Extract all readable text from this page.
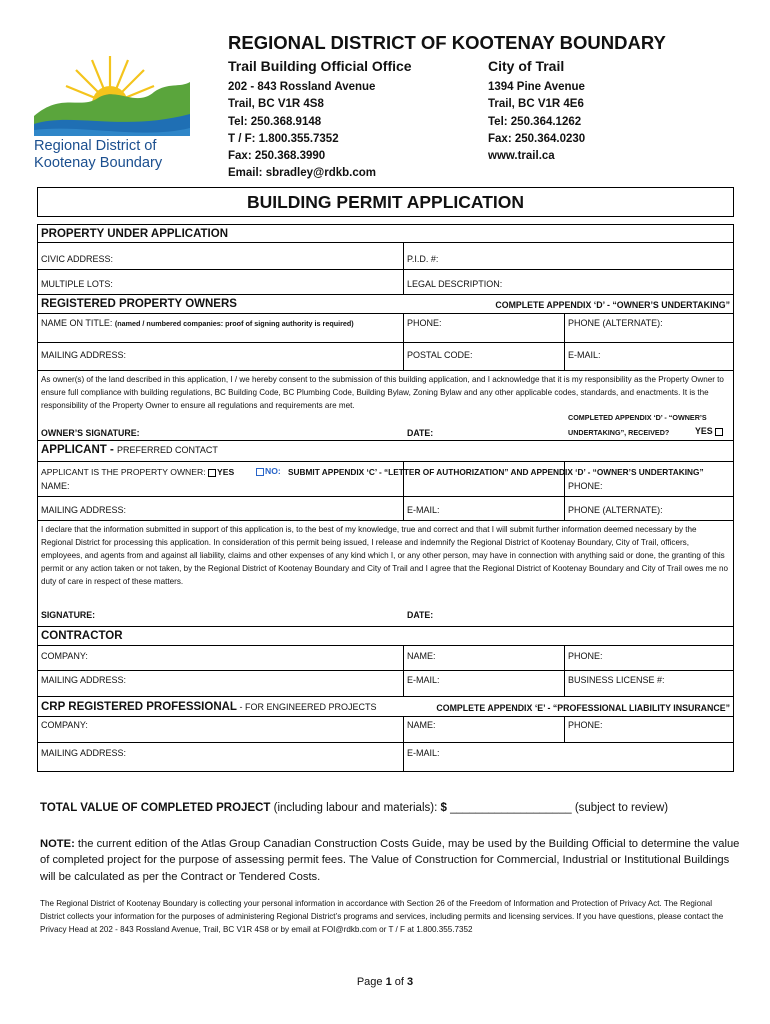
Regional District of
Kootenay Boundary
REGIONAL DISTRICT OF KOOTENAY BOUNDARY
Trail Building Official Office
202 - 843 Rossland Avenue
Trail, BC V1R 4S8
Tel: 250.368.9148
T / F: 1.800.355.7352
Fax: 250.368.3990
Email: sbradley@rdkb.com
City of Trail
1394 Pine Avenue
Trail, BC V1R 4E6
Tel: 250.364.1262
Fax: 250.364.0230
www.trail.ca
BUILDING PERMIT APPLICATION
PROPERTY UNDER APPLICATION
CIVIC ADDRESS:	P.I.D. #:
MULTIPLE LOTS:	LEGAL DESCRIPTION:
REGISTERED PROPERTY OWNERS	COMPLETE APPENDIX ‘D’ - “OWNER’S UNDERTAKING”
NAME ON TITLE: (named / numbered companies: proof of signing authority is required)	PHONE:	PHONE (ALTERNATE):
MAILING ADDRESS:	POSTAL CODE:	E-MAIL:
As owner(s) of the land described in this application, I / we hereby consent to the submission of this building application, and I acknowledge that it is my responsibility as the Property Owner to ensure full compliance with building regulations, BC Building Code, BC Plumbing Code, Building Bylaw, Zoning Bylaw and any other applicable codes, standards, and enactments. It is the responsibility of the Property Owner to ensure all regulations and requirements are met.
OWNER’S SIGNATURE:	DATE:
COMPLETED APPENDIX ‘D’ - “OWNER’S
UNDERTAKING”, RECEIVED?	YES
APPLICANT - PREFERRED CONTACT
APPLICANT IS THE PROPERTY OWNER: YES	NO: SUBMIT APPENDIX ‘C’ - “LETTER OF AUTHORIZATION” AND APPENDIX ‘D’ - “OWNER’S UNDERTAKING”
NAME:	PHONE:
MAILING ADDRESS:	E-MAIL:	PHONE (ALTERNATE):
I declare that the information submitted in support of this application is, to the best of my knowledge, true and correct and that I will submit further information deemed necessary by the Regional District for processing this application. In consideration of this permit being issued, I release and indemnify the Regional District of Kootenay Boundary, City of Trail, officers, employees, and agents from and against all liability, claims and other expenses of any kind which I, or any other person, may have in connection with anything said or done, the granting of this permit or any action taken or not taken, by the Regional District of Kootenay Boundary and City of Trail and I agree that the Regional District of Kootenay Boundary and City of Trail owes me no duty of care in respect of these matters.
SIGNATURE:	DATE:
CONTRACTOR
COMPANY:	NAME:	PHONE:
MAILING ADDRESS:	E-MAIL:	BUSINESS LICENSE #:
CRP REGISTERED PROFESSIONAL - FOR ENGINEERED PROJECTS	COMPLETE APPENDIX ‘E’ - “PROFESSIONAL LIABILITY INSURANCE”
COMPANY:	NAME:	PHONE:
MAILING ADDRESS:	E-MAIL:
TOTAL VALUE OF COMPLETED PROJECT (including labour and materials): $ ___________________ (subject to review)
NOTE: the current edition of the Atlas Group Canadian Construction Costs Guide, may be used by the Building Official to determine the value of completed project for the purpose of assessing permit fees. The Value of Construction for Commercial, Industrial or Institutional Buildings will be calculated as per the Contract or Tendered Costs.
The Regional District of Kootenay Boundary is collecting your personal information in accordance with Section 26 of the Freedom of Information and Protection of Privacy Act. The Regional District collects your information for the purposes of administering Regional District’s programs and services, including permits and licensing services. If you have questions, please contact the Privacy Head at 202 - 843 Rossland Avenue, Trail, BC V1R 4S8 or by email at FOI@rdkb.com or T / F at 1.800.355.7352
Page 1 of 3
